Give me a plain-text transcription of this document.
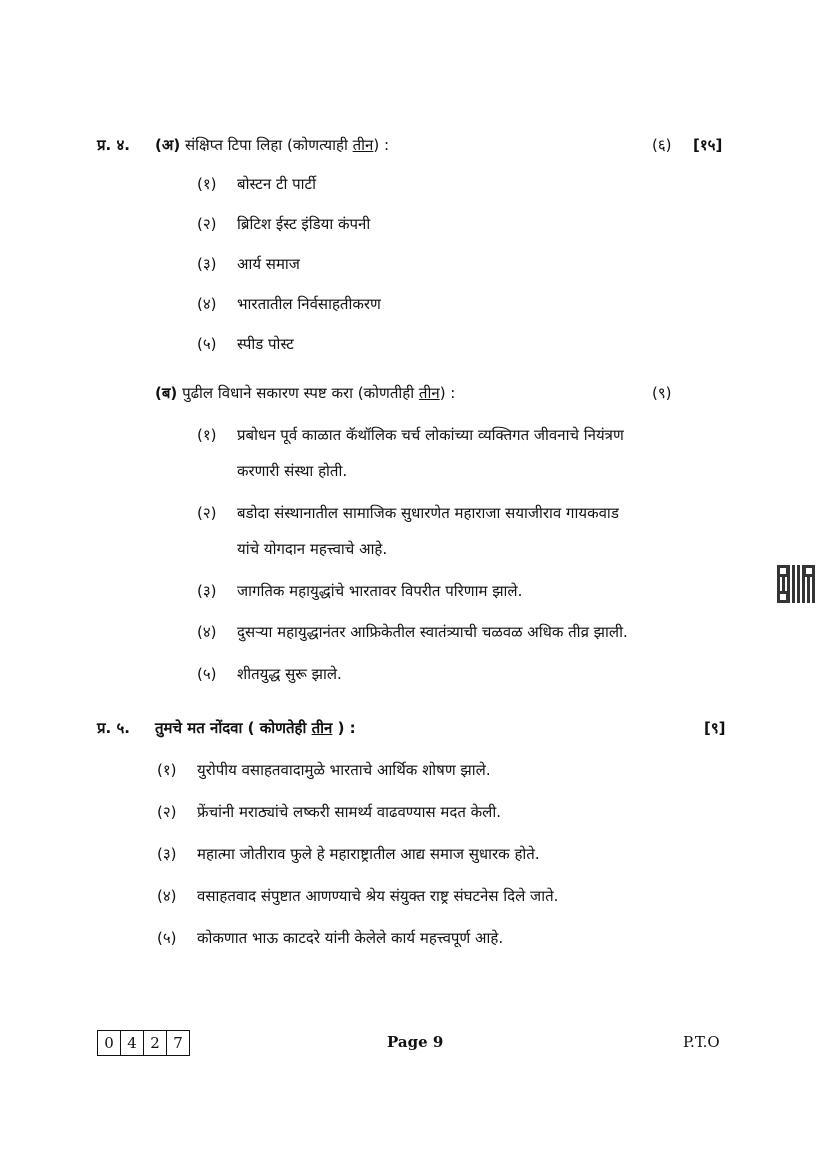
प्र. ४. (अ) संक्षिप्त टिपा लिहा (कोणत्याही तीन) :	(६) [१५]
(१) बोस्टन टी पार्टी
(२) ब्रिटिश ईस्ट इंडिया कंपनी
(३) आर्य समाज
(४) भारतातील निर्वसाहतीकरण
(५) स्पीड पोस्ट
(ब) पुढील विधाने सकारण स्पष्ट करा (कोणतीही तीन) :	(९)
(१) प्रबोधन पूर्व काळात कॅथॉलिक चर्च लोकांच्या व्यक्तिगत जीवनाचे नियंत्रण
करणारी संस्था होती.
(२) बडोदा संस्थानातील सामाजिक सुधारणेत महाराजा सयाजीराव गायकवाड
यांचे योगदान महत्त्वाचे आहे.
(३) जागतिक महायुद्धांचे भारतावर विपरीत परिणाम झाले.
(४) दुसऱ्या महायुद्धानंतर आफ्रिकेतील स्वातंत्र्याची चळवळ अधिक तीव्र झाली.
(५) शीतयुद्ध सुरू झाले.
प्र. ५. तुमचे मत नोंदवा ( कोणतेही तीन ) :	[९]
(१) युरोपीय वसाहतवादामुळे भारताचे आर्थिक शोषण झाले.
(२) फ्रेंचांनी मराठ्यांचे लष्करी सामर्थ्य वाढवण्यास मदत केली.
(३) महात्मा जोतीराव फुले हे महाराष्ट्रातील आद्य समाज सुधारक होते.
(४) वसाहतवाद संपुष्टात आणण्याचे श्रेय संयुक्त राष्ट्र संघटनेस दिले जाते.
(५) कोकणात भाऊ काटदरे यांनी केलेले कार्य महत्त्वपूर्ण आहे.
0 4 2 7	Page 9	P.T.O
